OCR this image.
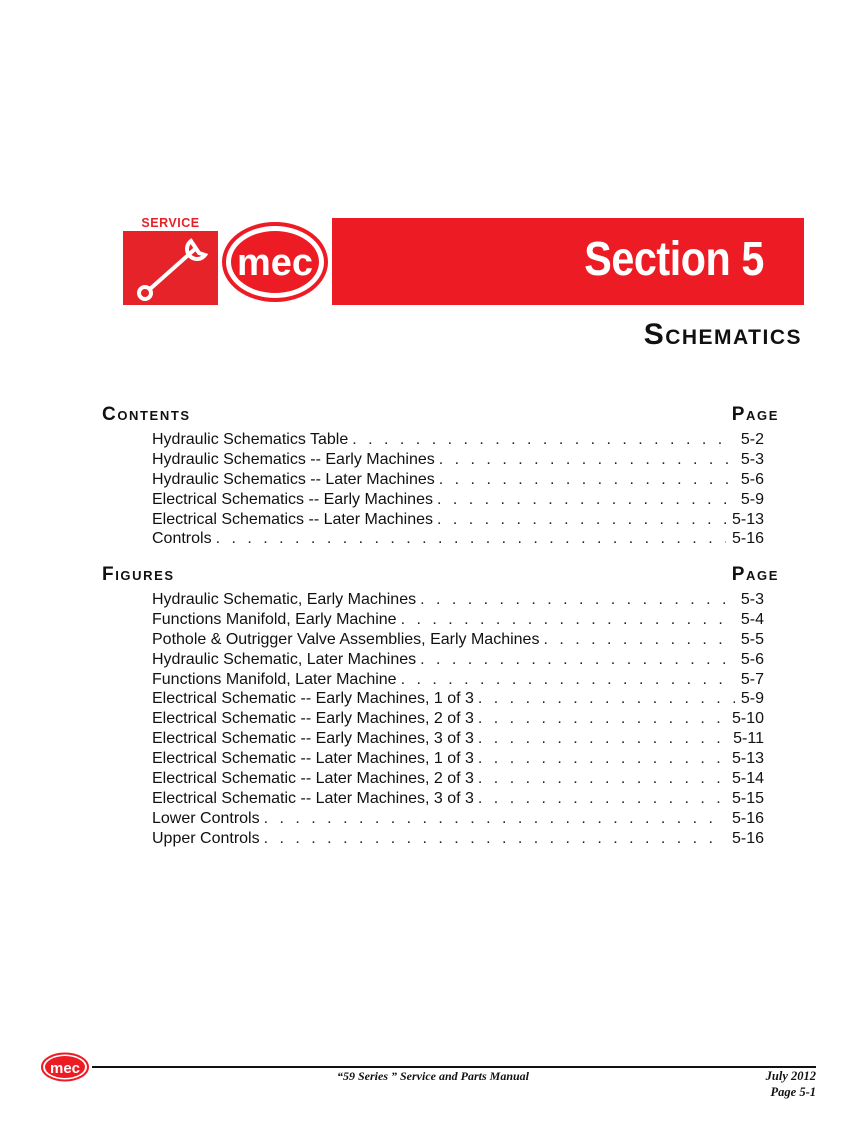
SERVICE
mec	Section 5
Schematics
Contents	Page
Hydraulic Schematics Table . . .	5-2
Hydraulic Schematics -- Early Machines . . .	5-3
Hydraulic Schematics -- Later Machines . . .	5-6
Electrical Schematics -- Early Machines . . .	5-9
Electrical Schematics -- Later Machines . . .	5-13
Controls . . .	5-16
Figures	Page
Hydraulic Schematic, Early Machines . . .	5-3
Functions Manifold, Early Machine . . .	5-4
Pothole & Outrigger Valve Assemblies, Early Machines . . .	5-5
Hydraulic Schematic, Later Machines . . .	5-6
Functions Manifold, Later Machine . . .	5-7
Electrical Schematic -- Early Machines, 1 of 3 . . .	5-9
Electrical Schematic -- Early Machines, 2 of 3 . . .	5-10
Electrical Schematic -- Early Machines, 3 of 3 . . .	5-11
Electrical Schematic -- Later Machines, 1 of 3 . . .	5-13
Electrical Schematic -- Later Machines, 2 of 3 . . .	5-14
Electrical Schematic -- Later Machines, 3 of 3 . . .	5-15
Lower Controls . . .	5-16
Upper Controls . . .	5-16
mec	“59 Series ” Service and Parts Manual	July 2012
Page 5-1
